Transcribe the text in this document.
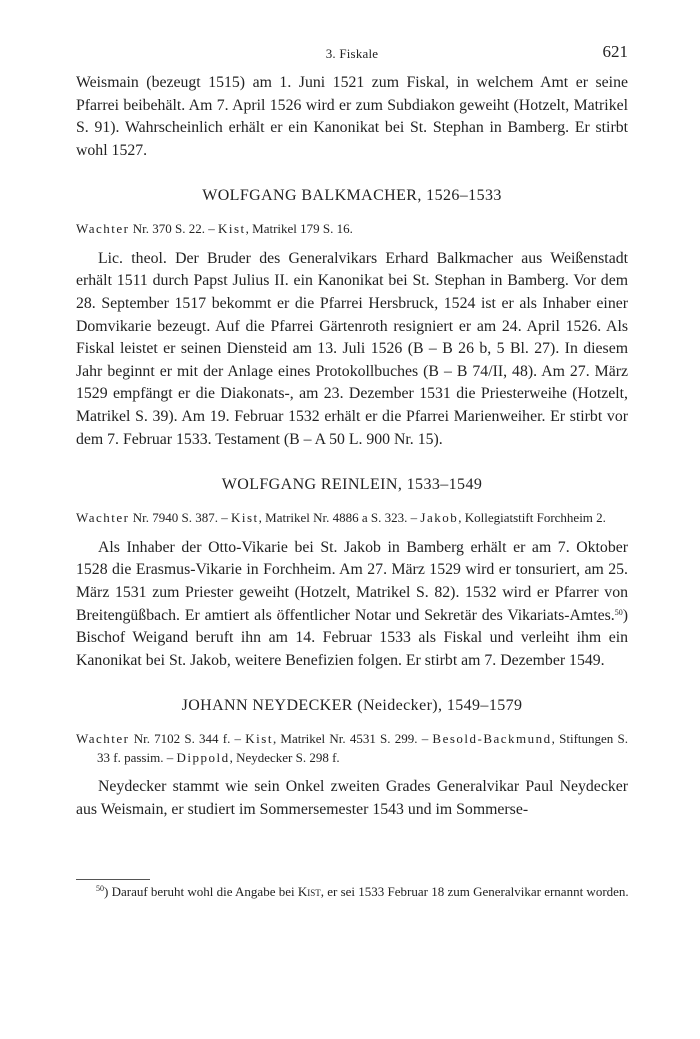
3. Fiskale	621

Weismain (bezeugt 1515) am 1. Juni 1521 zum Fiskal, in welchem Amt er seine Pfarrei beibehält. Am 7. April 1526 wird er zum Subdiakon geweiht (Hotzelt, Matrikel S. 91). Wahrscheinlich erhält er ein Kanonikat bei St. Stephan in Bamberg. Er stirbt wohl 1527.

WOLFGANG BALKMACHER, 1526–1533
Wachter Nr. 370 S. 22. – Kist, Matrikel 179 S. 16.

Lic. theol. Der Bruder des Generalvikars Erhard Balkmacher aus Weißenstadt erhält 1511 durch Papst Julius II. ein Kanonikat bei St. Stephan in Bamberg. Vor dem 28. September 1517 bekommt er die Pfarrei Hersbruck, 1524 ist er als Inhaber einer Domvikarie bezeugt. Auf die Pfarrei Gärtenroth resigniert er am 24. April 1526. Als Fiskal leistet er seinen Diensteid am 13. Juli 1526 (B – B 26 b, 5 Bl. 27). In diesem Jahr beginnt er mit der Anlage eines Protokollbuches (B – B 74/II, 48). Am 27. März 1529 empfängt er die Diakonats-, am 23. Dezember 1531 die Priesterweihe (Hotzelt, Matrikel S. 39). Am 19. Februar 1532 erhält er die Pfarrei Marienweiher. Er stirbt vor dem 7. Februar 1533. Testament (B – A 50 L. 900 Nr. 15).

WOLFGANG REINLEIN, 1533–1549
Wachter Nr. 7940 S. 387. – Kist, Matrikel Nr. 4886 a S. 323. – Jakob, Kollegiatstift Forchheim 2.

Als Inhaber der Otto-Vikarie bei St. Jakob in Bamberg erhält er am 7. Oktober 1528 die Erasmus-Vikarie in Forchheim. Am 27. März 1529 wird er tonsuriert, am 25. März 1531 zum Priester geweiht (Hotzelt, Matrikel S. 82). 1532 wird er Pfarrer von Breitengüßbach. Er amtiert als öffentlicher Notar und Sekretär des Vikariats-Amtes.$^{50}$) Bischof Weigand beruft ihn am 14. Februar 1533 als Fiskal und verleiht ihm ein Kanonikat bei St. Jakob, weitere Benefizien folgen. Er stirbt am 7. Dezember 1549.

JOHANN NEYDECKER (Neidecker), 1549–1579
Wachter Nr. 7102 S. 344 f. – Kist, Matrikel Nr. 4531 S. 299. – Besold-Backmund, Stiftungen S. 33 f. passim. – Dippold, Neydecker S. 298 f.

Neydecker stammt wie sein Onkel zweiten Grades Generalvikar Paul Neydecker aus Weismain, er studiert im Sommersemester 1543 und im Sommerse-

$^{50}$) Darauf beruht wohl die Angabe bei Kist, er sei 1533 Februar 18 zum Generalvikar ernannt worden.
